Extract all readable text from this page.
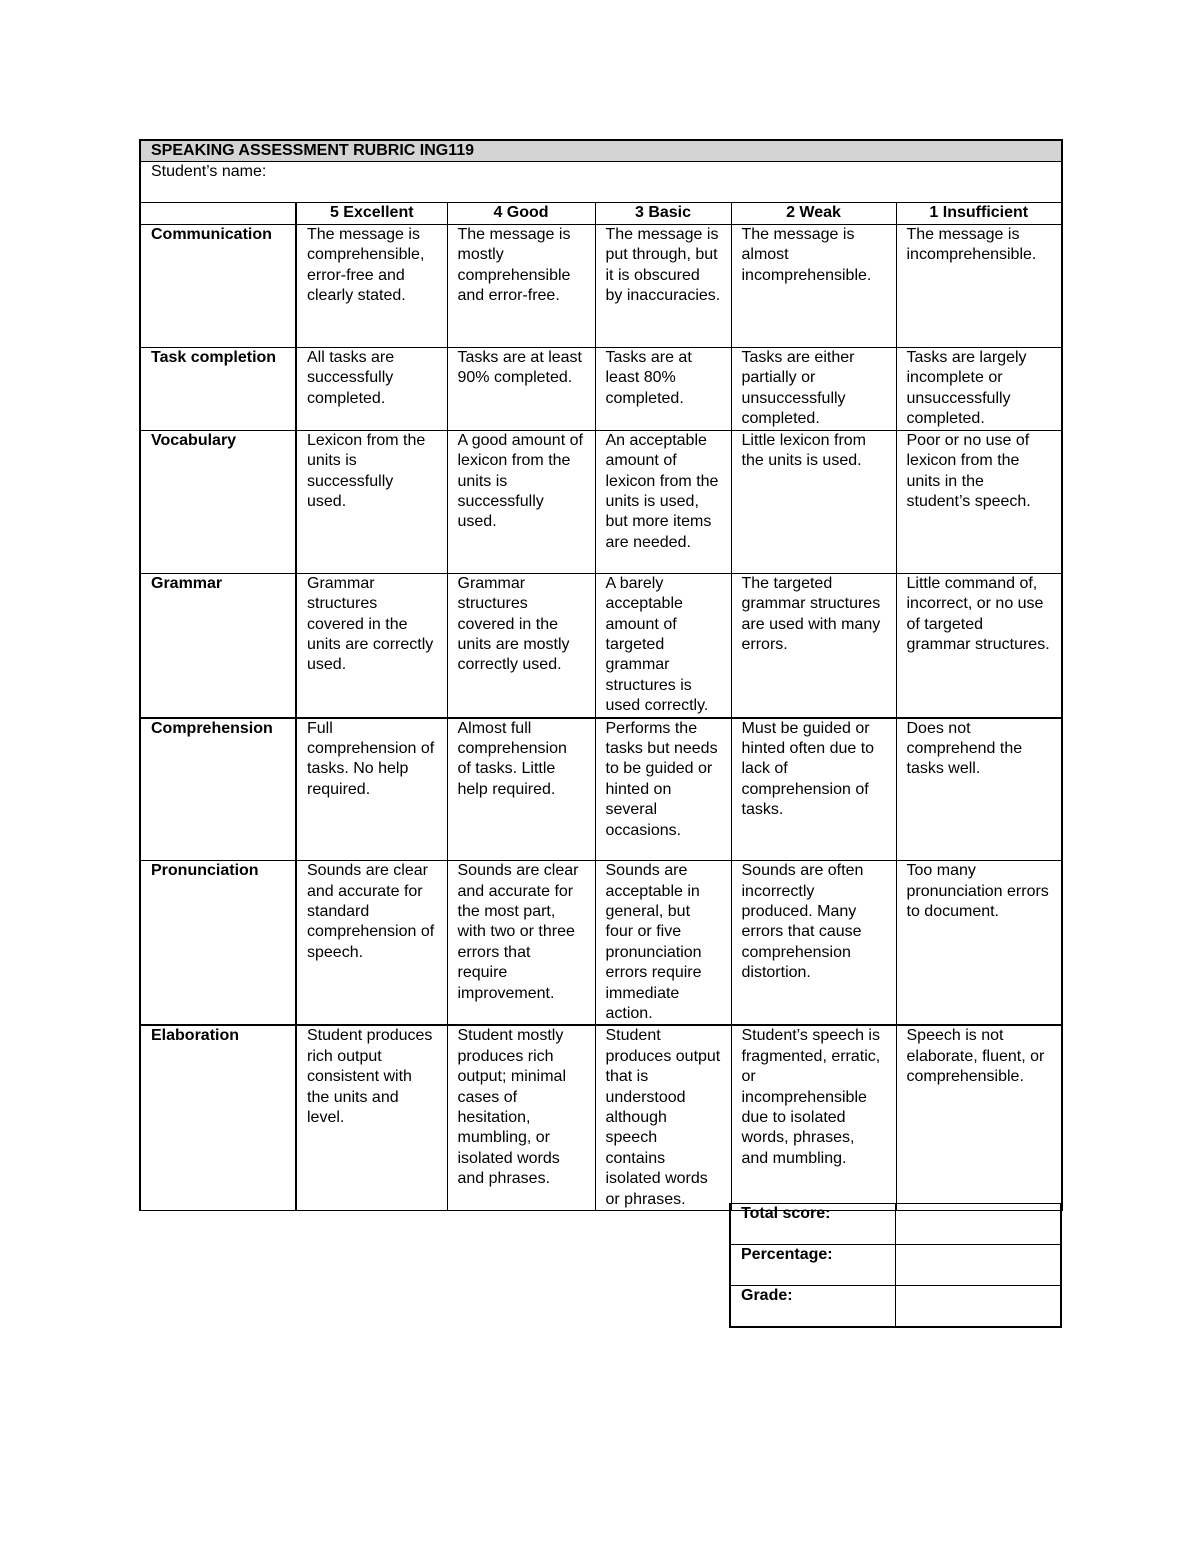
SPEAKING ASSESSMENT RUBRIC ING119					
Student’s name:					
	5 Excellent	4 Good	3 Basic	2 Weak	1 Insufficient
Communication	The message is comprehensible, error-free and clearly stated.	The message is mostly comprehensible and error-free.	The message is put through, but it is obscured by inaccuracies.	The message is almost incomprehensible.	The message is incomprehensible.
Task completion	All tasks are successfully completed.	Tasks are at least 90% completed.	Tasks are at least 80% completed.	Tasks are either partially or unsuccessfully completed.	Tasks are largely incomplete or unsuccessfully completed.
Vocabulary	Lexicon from the units is successfully used.	A good amount of lexicon from the units is successfully used.	An acceptable amount of lexicon from the units is used, but more items are needed.	Little lexicon from the units is used.	Poor or no use of lexicon from the units in the student’s speech.
Grammar	Grammar structures covered in the units are correctly used.	Grammar structures covered in the units are mostly correctly used.	A barely acceptable amount of targeted grammar structures is used correctly.	The targeted grammar structures are used with many errors.	Little command of, incorrect, or no use of targeted grammar structures.
Comprehension	Full comprehension of tasks. No help required.	Almost full comprehension of tasks. Little help required.	Performs the tasks but needs to be guided or hinted on several occasions.	Must be guided or hinted often due to lack of comprehension of tasks.	Does not comprehend the tasks well.
Pronunciation	Sounds are clear and accurate for standard comprehension of speech.	Sounds are clear and accurate for the most part, with two or three errors that require improvement.	Sounds are acceptable in general, but four or five pronunciation errors require immediate action.	Sounds are often incorrectly produced. Many errors that cause comprehension distortion.	Too many pronunciation errors to document.
Elaboration	Student produces rich output consistent with the units and level.	Student mostly produces rich output; minimal cases of hesitation, mumbling, or isolated words and phrases.	Student produces output that is understood although speech contains isolated words or phrases.	Student’s speech is fragmented, erratic, or incomprehensible due to isolated words, phrases, and mumbling.	Speech is not elaborate, fluent, or comprehensible.
Total score:	
Percentage:	
Grade:	
